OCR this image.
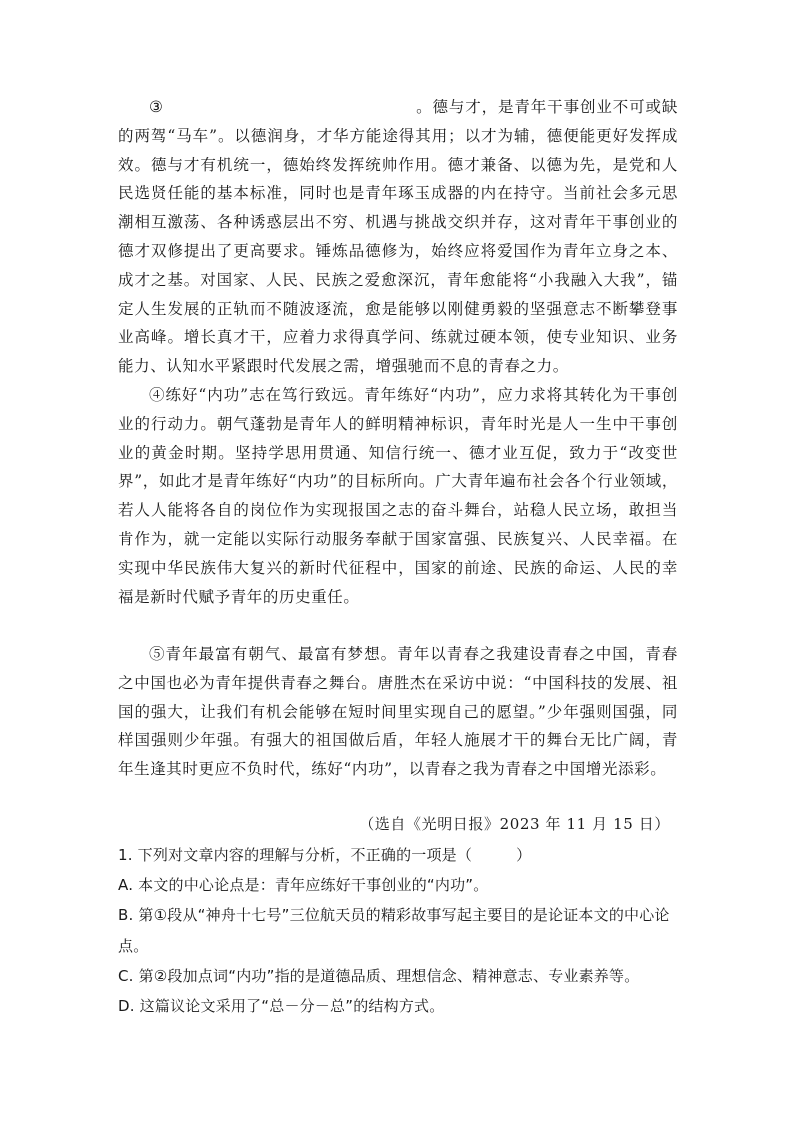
③	。德与才，是青年干事创业不可或缺的两驾“马车”。以德润身，才华方能途得其用；以才为辅，德便能更好发挥成效。德与才有机统一，德始终发挥统帅作用。德才兼备、以德为先，是党和人民选贤任能的基本标准，同时也是青年琢玉成器的内在持守。当前社会多元思潮相互激荡、各种诱惑层出不穷、机遇与挑战交织并存，这对青年干事创业的德才双修提出了更高要求。锤炼品德修为，始终应将爱国作为青年立身之本、成才之基。对国家、人民、民族之爱愈深沉，青年愈能将“小我融入大我”，锚定人生发展的正轨而不随波逐流，愈是能够以刚健勇毅的坚强意志不断攀登事业高峰。增长真才干，应着力求得真学问、练就过硬本领，使专业知识、业务能力、认知水平紧跟时代发展之需，增强驰而不息的青春之力。

④练好“内功”志在笃行致远。青年练好“内功”，应力求将其转化为干事创业的行动力。朝气蓬勃是青年人的鲜明精神标识，青年时光是人一生中干事创业的黄金时期。坚持学思用贯通、知信行统一、德才业互促，致力于“改变世界”，如此才是青年练好“内功”的目标所向。广大青年遍布社会各个行业领域，若人人能将各自的岗位作为实现报国之志的奋斗舞台，站稳人民立场，敢担当肯作为，就一定能以实际行动服务奉献于国家富强、民族复兴、人民幸福。在实现中华民族伟大复兴的新时代征程中，国家的前途、民族的命运、人民的幸福是新时代赋予青年的历史重任。

⑤青年最富有朝气、最富有梦想。青年以青春之我建设青春之中国，青春之中国也必为青年提供青春之舞台。唐胜杰在采访中说：“中国科技的发展、祖国的强大，让我们有机会能够在短时间里实现自己的愿望。”少年强则国强，同样国强则少年强。有强大的祖国做后盾，年轻人施展才干的舞台无比广阔，青年生逢其时更应不负时代，练好“内功”，以青春之我为青春之中国增光添彩。

（选自《光明日报》2023 年 11 月 15 日）
1. 下列对文章内容的理解与分析，不正确的一项是（	）
A. 本文的中心论点是：青年应练好干事创业的“内功”。
B. 第①段从“神舟十七号”三位航天员的精彩故事写起主要目的是论证本文的中心论点。
C. 第②段加点词“内功”指的是道德品质、理想信念、精神意志、专业素养等。
D. 这篇议论文采用了“总－分－总”的结构方式。
